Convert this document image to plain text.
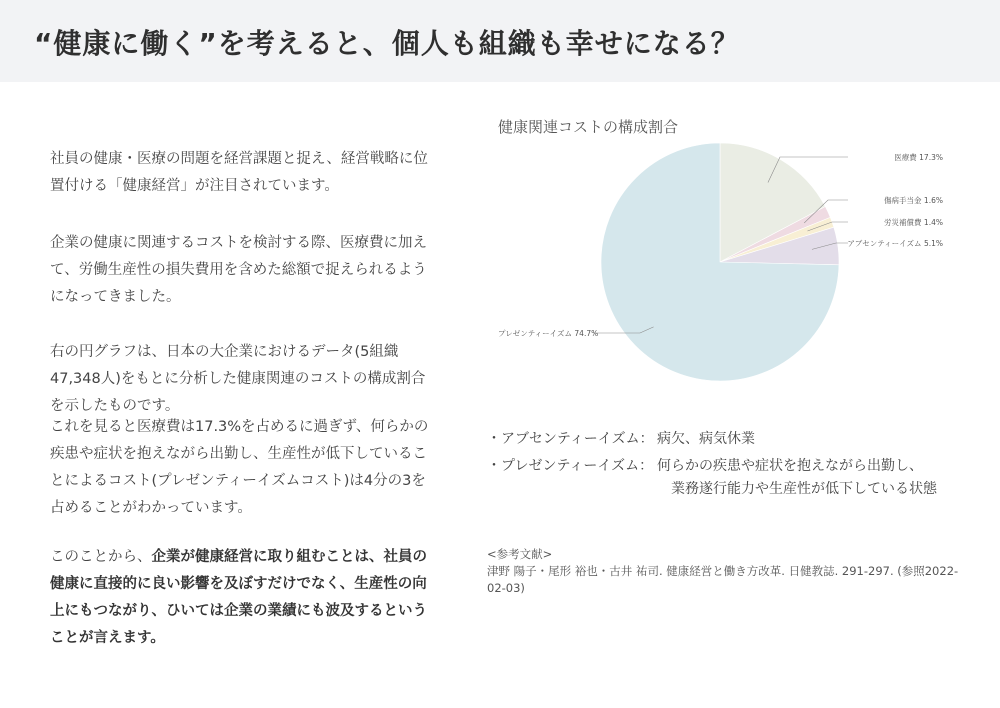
“健康に働く”を考えると、個人も組織も幸せになる？

社員の健康・医療の問題を経営課題と捉え、経営戦略に位置付ける「健康経営」が注目されています。

企業の健康に関連するコストを検討する際、医療費に加えて、労働生産性の損失費用を含めた総額で捉えられるようになってきました。

右の円グラフは、日本の大企業におけるデータ(5組織47,348人)をもとに分析した健康関連のコストの構成割合を示したものです。

これを見ると医療費は17.3%を占めるに過ぎず、何らかの疾患や症状を抱えながら出勤し、生産性が低下していることによるコスト(プレゼンティーイズムコスト)は4分の3を占めることがわかっています。

このことから、企業が健康経営に取り組むことは、社員の健康に直接的に良い影響を及ぼすだけでなく、生産性の向上にもつながり、ひいては企業の業績にも波及するということが言えます。

健康関連コストの構成割合
医療費 17.3%
傷病手当金 1.6%
労災補償費 1.4%
アブセンティーイズム 5.1%
プレゼンティーイズム 74.7%
・アブセンティーイズム： 病欠、病気休業
・プレゼンティーイズム： 何らかの疾患や症状を抱えながら出勤し、
業務遂行能力や生産性が低下している状態
<参考文献>
津野 陽子・尾形 裕也・古井 祐司. 健康経営と働き方改革. 日健教誌. 291-297. (参照2022-02-03)
